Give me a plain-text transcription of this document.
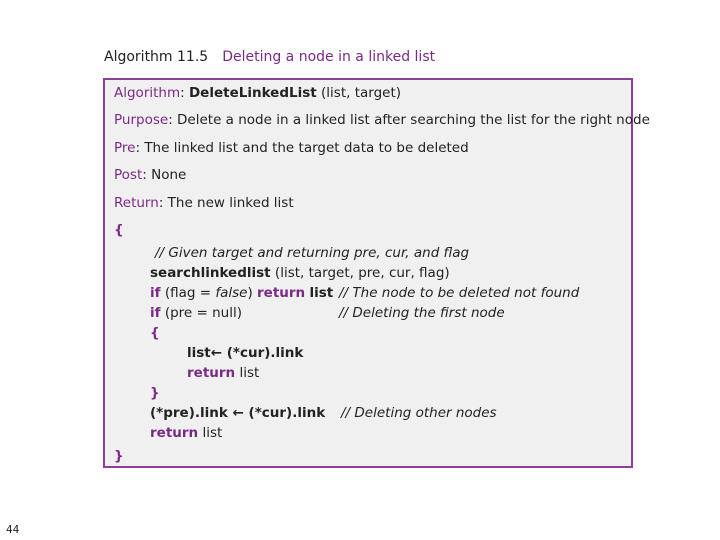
Algorithm 11.5 Deleting a node in a linked list
Algorithm: DeleteLinkedList (list, target)
Purpose: Delete a node in a linked list after searching the list for the right node
Pre: The linked list and the target data to be deleted
Post: None
Return: The new linked list
{
// Given target and returning pre, cur, and flag
searchlinkedlist (list, target, pre, cur, flag)
if (flag = false) return list // The node to be deleted not found
if (pre = null)	// Deleting the first node
{
list← (*cur).link
return list
}
(*pre).link ← (*cur).link // Deleting other nodes
return list
}
44
